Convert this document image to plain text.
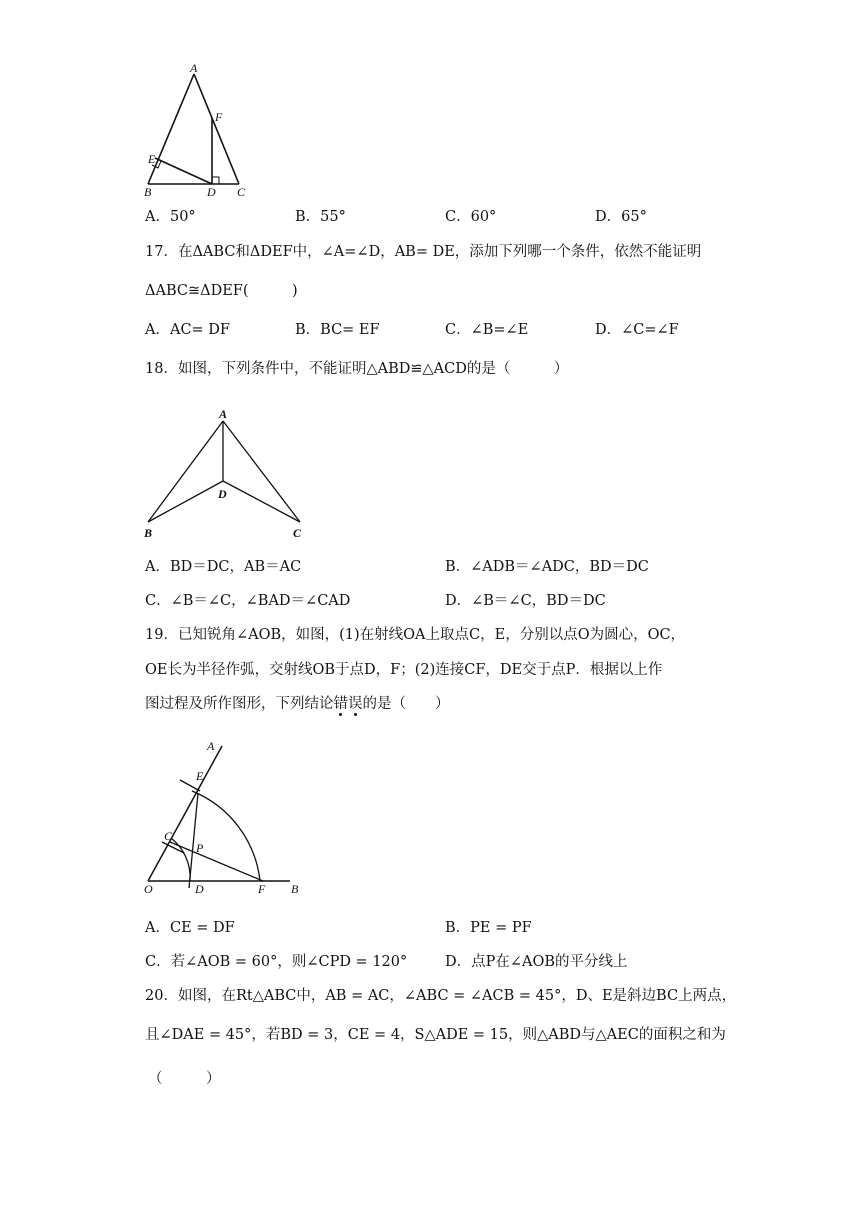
A
F
E
B	D C
A．50°	B．55°	C．60°	D．65°
17．在ΔABC和ΔDEF中，∠A=∠D，AB= DE，添加下列哪一个条件，依然不能证明
ΔABC≅ΔDEF(　　　)
A．AC= DF	B．BC= EF	C．∠B=∠E	D．∠C=∠F
18．如图，下列条件中，不能证明△ABD≌△ACD的是（　　　）
A
B	C
D
A．BD＝DC，AB＝AC	B．∠ADB＝∠ADC，BD＝DC
C．∠B＝∠C，∠BAD＝∠CAD	D．∠B＝∠C，BD＝DC
19．已知锐角∠AOB，如图，(1)在射线OA上取点C，E，分别以点O为圆心，OC，
OE长为半径作弧，交射线OB于点D，F；(2)连接CF，DE交于点P．根据以上作
图过程及所作图形，下列结论错误
的是（　　）
A
E
C
P
O	D	F B
A．CE = DF	B．PE = PF
C．若∠AOB = 60°，则∠CPD = 120°	D．点P在∠AOB的平分线上
20．如图，在Rt△ABC中，AB = AC，∠ABC = ∠ACB = 45°，D、E是斜边BC上两点，
且∠DAE = 45°，若BD = 3，CE = 4，S△ADE = 15，则△ABD与△AEC的面积之和为
（　　　）
